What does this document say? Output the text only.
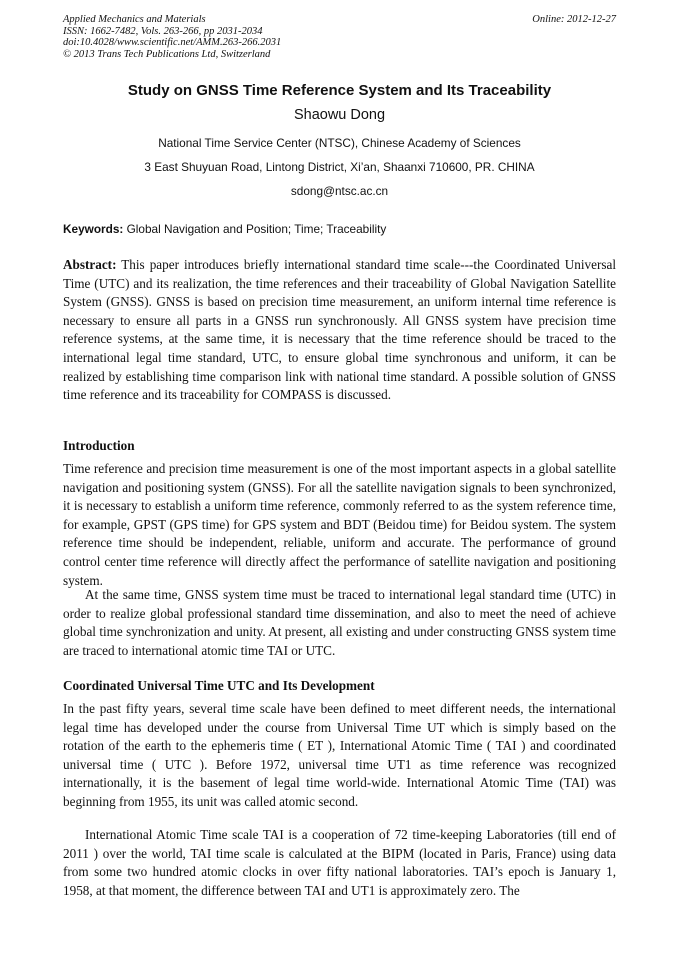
Applied Mechanics and Materials
ISSN: 1662-7482, Vols. 263-266, pp 2031-2034
doi:10.4028/www.scientific.net/AMM.263-266.2031
© 2013 Trans Tech Publications Ltd, Switzerland
Online: 2012-12-27
Study on GNSS Time Reference System and Its Traceability
Shaowu Dong
National Time Service Center (NTSC), Chinese Academy of Sciences
3 East Shuyuan Road, Lintong District, Xi’an, Shaanxi 710600, PR. CHINA
sdong@ntsc.ac.cn
Keywords: Global Navigation and Position; Time; Traceability

Abstract: This paper introduces briefly international standard time scale---the Coordinated Universal Time (UTC) and its realization, the time references and their traceability of Global Navigation Satellite System (GNSS). GNSS is based on precision time measurement, an uniform internal time reference is necessary to ensure all parts in a GNSS run synchronously. All GNSS system have precision time reference systems, at the same time, it is necessary that the time reference should be traced to the international legal time standard, UTC, to ensure global time synchronous and uniform, it can be realized by establishing time comparison link with national time standard. A possible solution of GNSS time reference and its traceability for COMPASS is discussed.

Introduction

Time reference and precision time measurement is one of the most important aspects in a global satellite navigation and positioning system (GNSS). For all the satellite navigation signals to been synchronized, it is necessary to establish a uniform time reference, commonly referred to as the system reference time, for example, GPST (GPS time) for GPS system and BDT (Beidou time) for Beidou system. The system reference time should be independent, reliable, uniform and accurate. The performance of ground control center time reference will directly affect the performance of satellite navigation and positioning system.

At the same time, GNSS system time must be traced to international legal standard time (UTC) in order to realize global professional standard time dissemination, and also to meet the need of achieve global time synchronization and unity. At present, all existing and under constructing GNSS system time are traced to international atomic time TAI or UTC.

Coordinated Universal Time UTC and Its Development

In the past fifty years, several time scale have been defined to meet different needs, the international legal time has developed under the course from Universal Time UT which is simply based on the rotation of the earth to the ephemeris time ( ET ), International Atomic Time ( TAI ) and coordinated universal time ( UTC ). Before 1972, universal time UT1 as time reference was recognized internationally, it is the basement of legal time world-wide. International Atomic Time (TAI) was beginning from 1955, its unit was called atomic second.

International Atomic Time scale TAI is a cooperation of 72 time-keeping Laboratories (till end of 2011 ) over the world, TAI time scale is calculated at the BIPM (located in Paris, France) using data from some two hundred atomic clocks in over fifty national laboratories. TAI’s epoch is January 1, 1958, at that moment, the difference between TAI and UT1 is approximately zero. The
